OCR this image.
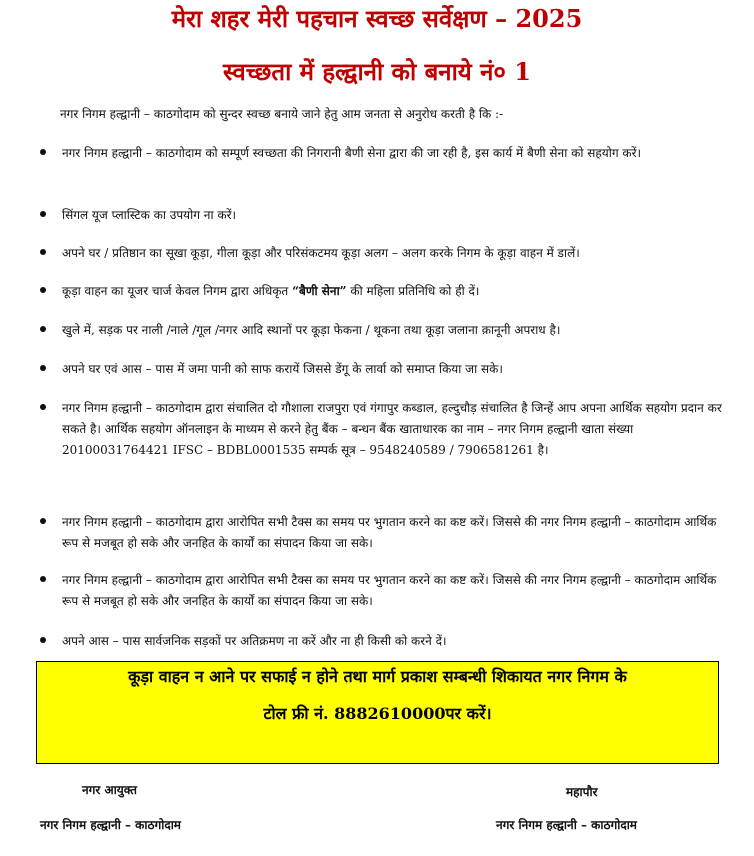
मेरा शहर मेरी पहचान स्वच्छ सर्वेक्षण – 2025
स्वच्छता में हल्द्वानी को बनाये नं० 1
नगर निगम हल्द्वानी – काठगोदाम को सुन्दर स्वच्छ बनाये जाने हेतु आम जनता से अनुरोध करती है कि :-
नगर निगम हल्द्वानी – काठगोदाम को सम्पूर्ण स्वच्छता की निगरानी बैणी सेना द्वारा की जा रही है, इस कार्य में बैणी सेना को सहयोग करें।
सिंगल यूज प्लास्टिक का उपयोग ना करें।
अपने घर / प्रतिष्ठान का सूखा कूड़ा, गीला कूड़ा और परिसंकटमय कूड़ा अलग – अलग करके निगम के कूड़ा वाहन में डालें।
कूड़ा वाहन का यूजर चार्ज केवल निगम द्वारा अधिकृत “बैणी सेना” की महिला प्रतिनिधि को ही दें।
खुले में, सड़क पर नाली /नाले /गूल /नगर आदि स्थानों पर कूड़ा फेकना / थूकना तथा कूड़ा जलाना क़ानूनी अपराध है।
अपने घर एवं आस – पास में जमा पानी को साफ करायें जिससे डेंगू के लार्वा को समाप्त किया जा सके।
नगर निगम हल्द्वानी – काठगोदाम द्वारा संचालित दो गौशाला राजपुरा एवं गंगापुर कब्डाल, हल्दुचौड़ संचालित है जिन्हें आप अपना आर्थिक सहयोग प्रदान कर सकते है। आर्थिक सहयोग ऑनलाइन के माध्यम से करने हेतु बैंक – बन्धन बैंक खाताधारक का नाम – नगर निगम हल्द्वानी खाता संख्या 20100031764421 IFSC – BDBL0001535 सम्पर्क सूत्र – 9548240589 / 7906581261 है।
नगर निगम हल्द्वानी – काठगोदाम द्वारा आरोपित सभी टैक्स का समय पर भुगतान करने का कष्ट करें। जिससे की नगर निगम हल्द्वानी – काठगोदाम आर्थिक रूप से मजबूत हो सके और जनहित के कार्यों का संपादन किया जा सके।
नगर निगम हल्द्वानी – काठगोदाम द्वारा आरोपित सभी टैक्स का समय पर भुगतान करने का कष्ट करें। जिससे की नगर निगम हल्द्वानी – काठगोदाम आर्थिक रूप से मजबूत हो सके और जनहित के कार्यों का संपादन किया जा सके।
अपने आस – पास सार्वजनिक सड़कों पर अतिक्रमण ना करें और ना ही किसी को करने दें।
कूड़ा वाहन न आने पर सफाई न होने तथा मार्ग प्रकाश सम्बन्धी शिकायत नगर निगम के
टोल फ्री नं. 8882610000पर करें।
नगर आयुक्त
नगर निगम हल्द्वानी – काठगोदाम
महापौर
नगर निगम हल्द्वानी – काठगोदाम
